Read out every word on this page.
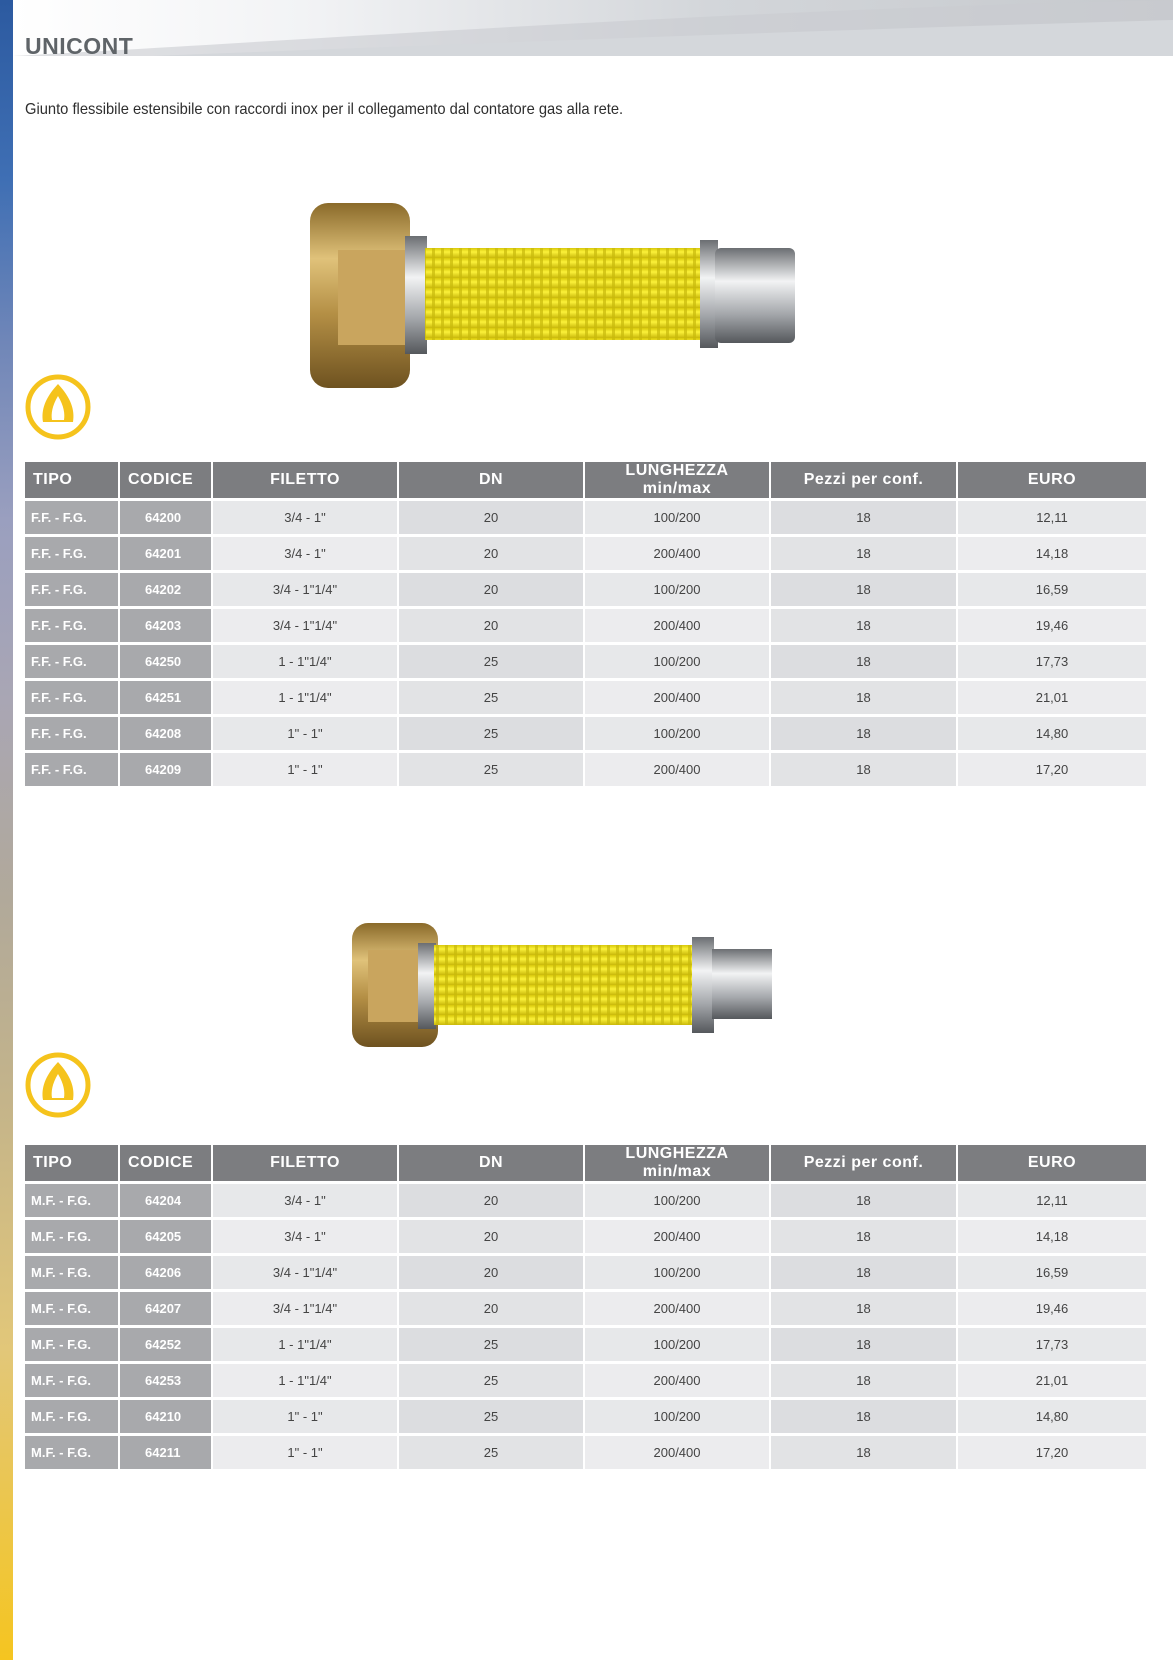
UNICONT
Giunto flessibile estensibile con raccordi inox per il collegamento dal contatore gas alla rete.
TIPO	CODICE	FILETTO	DN	LUNGHEZZA min/max	Pezzi per conf.	EURO
F.F. - F.G.	64200	3/4 - 1"	20	100/200	18	12,11
F.F. - F.G.	64201	3/4 - 1"	20	200/400	18	14,18
F.F. - F.G.	64202	3/4 - 1"1/4"	20	100/200	18	16,59
F.F. - F.G.	64203	3/4 - 1"1/4"	20	200/400	18	19,46
F.F. - F.G.	64250	1 - 1"1/4"	25	100/200	18	17,73
F.F. - F.G.	64251	1 - 1"1/4"	25	200/400	18	21,01
F.F. - F.G.	64208	1" - 1"	25	100/200	18	14,80
F.F. - F.G.	64209	1" - 1"	25	200/400	18	17,20
TIPO	CODICE	FILETTO	DN	LUNGHEZZA min/max	Pezzi per conf.	EURO
M.F. - F.G.	64204	3/4 - 1"	20	100/200	18	12,11
M.F. - F.G.	64205	3/4 - 1"	20	200/400	18	14,18
M.F. - F.G.	64206	3/4 - 1"1/4"	20	100/200	18	16,59
M.F. - F.G.	64207	3/4 - 1"1/4"	20	200/400	18	19,46
M.F. - F.G.	64252	1 - 1"1/4"	25	100/200	18	17,73
M.F. - F.G.	64253	1 - 1"1/4"	25	200/400	18	21,01
M.F. - F.G.	64210	1" - 1"	25	100/200	18	14,80
M.F. - F.G.	64211	1" - 1"	25	200/400	18	17,20
